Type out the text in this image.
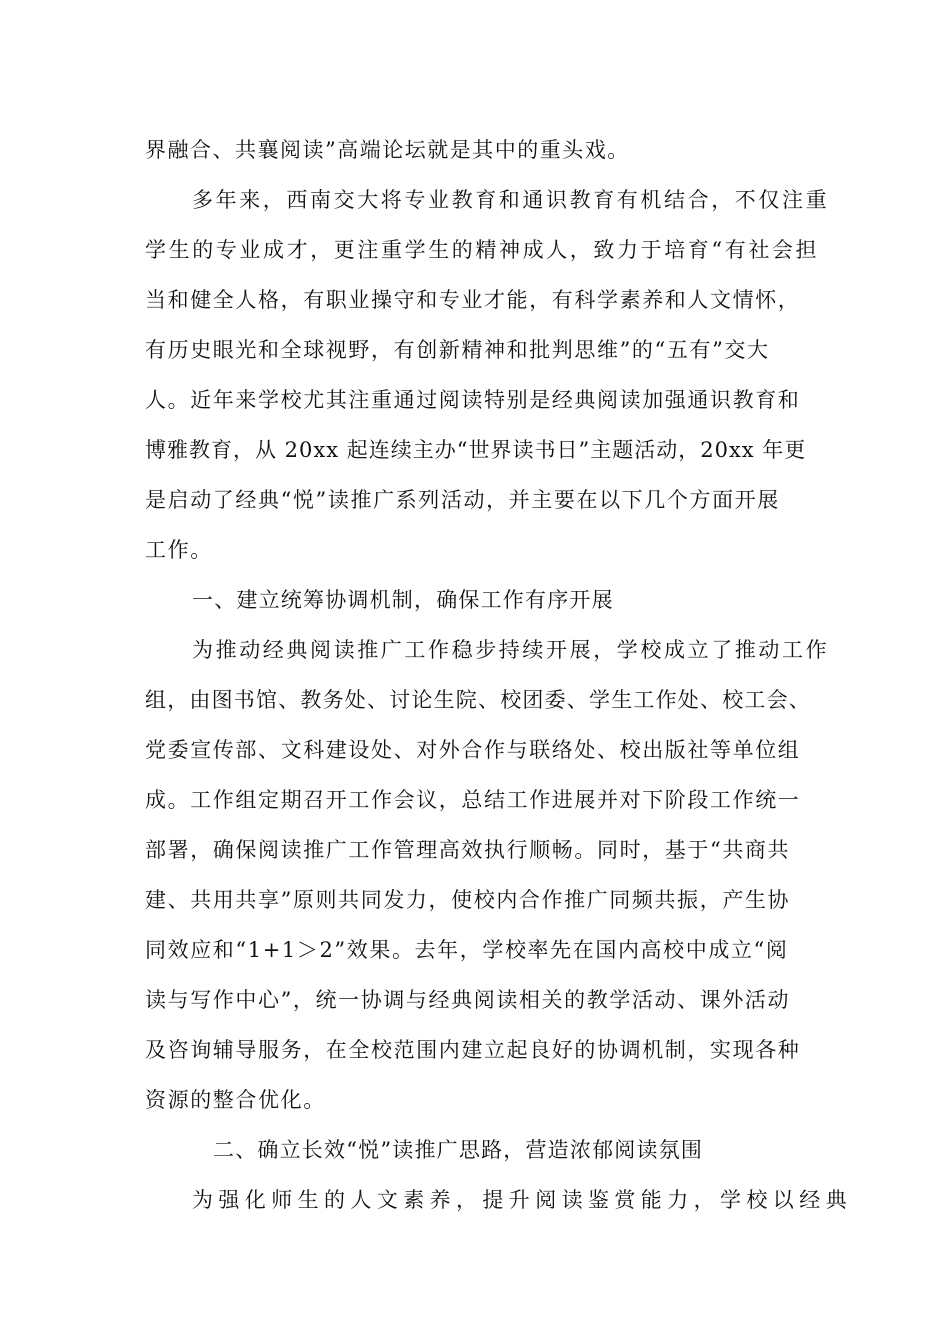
界融合、共襄阅读”高端论坛就是其中的重头戏。
多年来，西南交大将专业教育和通识教育有机结合，不仅注重
学生的专业成才，更注重学生的精神成人，致力于培育“有社会担
当和健全人格，有职业操守和专业才能，有科学素养和人文情怀，
有历史眼光和全球视野，有创新精神和批判思维”的“五有”交大
人。近年来学校尤其注重通过阅读特别是经典阅读加强通识教育和
博雅教育，从 20xx 起连续主办“世界读书日”主题活动，20xx 年更
是启动了经典“悦”读推广系列活动，并主要在以下几个方面开展
工作。
一、建立统筹协调机制，确保工作有序开展
为推动经典阅读推广工作稳步持续开展，学校成立了推动工作
组，由图书馆、教务处、讨论生院、校团委、学生工作处、校工会、
党委宣传部、文科建设处、对外合作与联络处、校出版社等单位组
成。工作组定期召开工作会议，总结工作进展并对下阶段工作统一
部署，确保阅读推广工作管理高效执行顺畅。同时，基于“共商共
建、共用共享”原则共同发力，使校内合作推广同频共振，产生协
同效应和“1+1＞2”效果。去年，学校率先在国内高校中成立“阅
读与写作中心”，统一协调与经典阅读相关的教学活动、课外活动
及咨询辅导服务，在全校范围内建立起良好的协调机制，实现各种
资源的整合优化。
二、确立长效“悦”读推广思路，营造浓郁阅读氛围
为强化师生的人文素养，提升阅读鉴赏能力，学校以经典
